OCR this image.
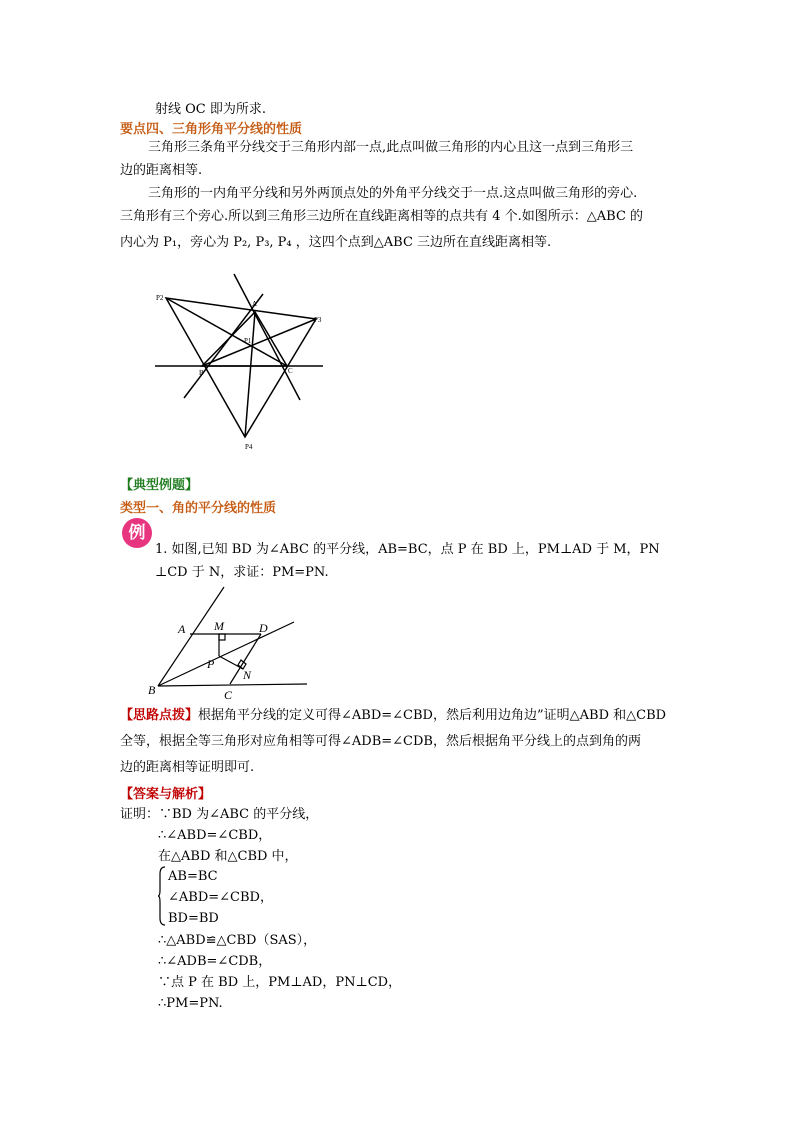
射线 OC 即为所求.
要点四、三角形角平分线的性质
三角形三条角平分线交于三角形内部一点,此点叫做三角形的内心且这一点到三角形三
边的距离相等.
三角形的一内角平分线和另外两顶点处的外角平分线交于一点.这点叫做三角形的旁心.
三角形有三个旁心.所以到三角形三边所在直线距离相等的点共有 4 个.如图所示：△ABC 的
内心为 P₁，旁心为 P₂, P₃, P₄ ，这四个点到△ABC 三边所在直线距离相等.
P2
A
P3
P1
B	C
P4
【典型例题】
类型一、角的平分线的性质
例
1. 如图,已知 BD 为∠ABC 的平分线，AB=BC，点 P 在 BD 上，PM⊥AD 于 M，PN
⊥CD 于 N，求证：PM=PN.
A M	D
P
N
B	C
【思路点拨】根据角平分线的定义可得∠ABD=∠CBD，然后利用边角边”证明△ABD 和△CBD
全等，根据全等三角形对应角相等可得∠ADB=∠CDB，然后根据角平分线上的点到角的两
边的距离相等证明即可.
【答案与解析】
证明：∵BD 为∠ABC 的平分线，
∴∠ABD=∠CBD，
在△ABD 和△CBD 中，
AB=BC
∠ABD=∠CBD，
BD=BD
∴△ABD≌△CBD（SAS），
∴∠ADB=∠CDB，
∵点 P 在 BD 上，PM⊥AD，PN⊥CD，
∴PM=PN.
